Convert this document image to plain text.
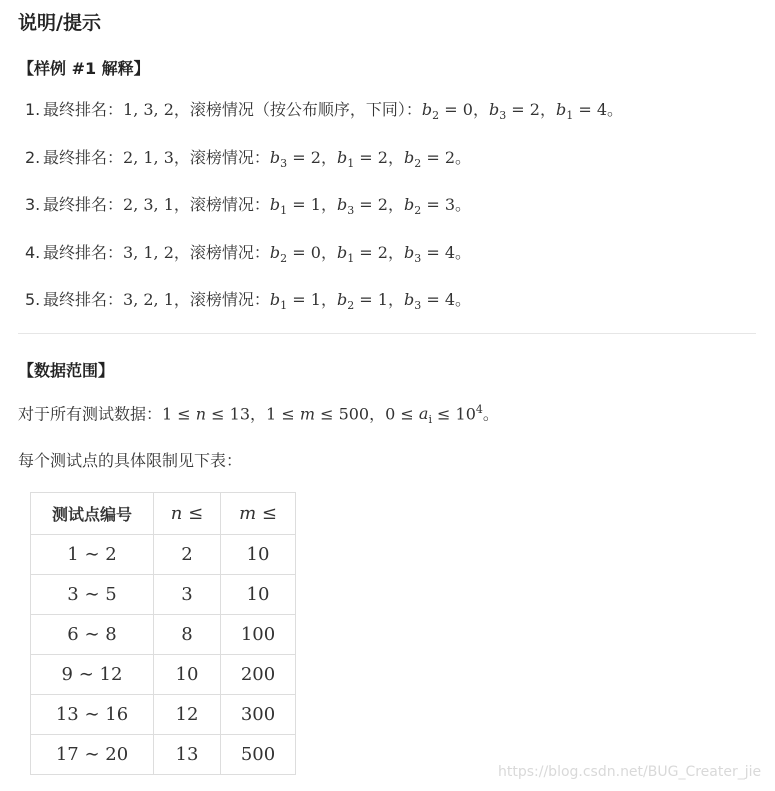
说明/提示
【样例 #1 解释】
1. 最终排名：1, 3, 2，滚榜情况（按公布顺序，下同）：$b_2 = 0$，$b_3 = 2$，$b_1 = 4$。
2. 最终排名：2, 1, 3，滚榜情况：$b_3 = 2$，$b_1 = 2$，$b_2 = 2$。
3. 最终排名：2, 3, 1，滚榜情况：$b_1 = 1$，$b_3 = 2$，$b_2 = 3$。
4. 最终排名：3, 1, 2，滚榜情况：$b_2 = 0$，$b_1 = 2$，$b_3 = 4$。
5. 最终排名：3, 2, 1，滚榜情况：$b_1 = 1$，$b_2 = 1$，$b_3 = 4$。
【数据范围】

对于所有测试数据：1 ≤ n ≤ 13，1 ≤ m ≤ 500，$0 \le a_i \le 10^4$。

每个测试点的具体限制见下表：

测试点编号	n ≤	m ≤
1 ∼ 2	2	10
3 ∼ 5	3	10
6 ∼ 8	8	100
9 ∼ 12	10	200
13 ∼ 16	12	300
17 ∼ 20	13	500
https://blog.csdn.net/BUG_Creater_jie
